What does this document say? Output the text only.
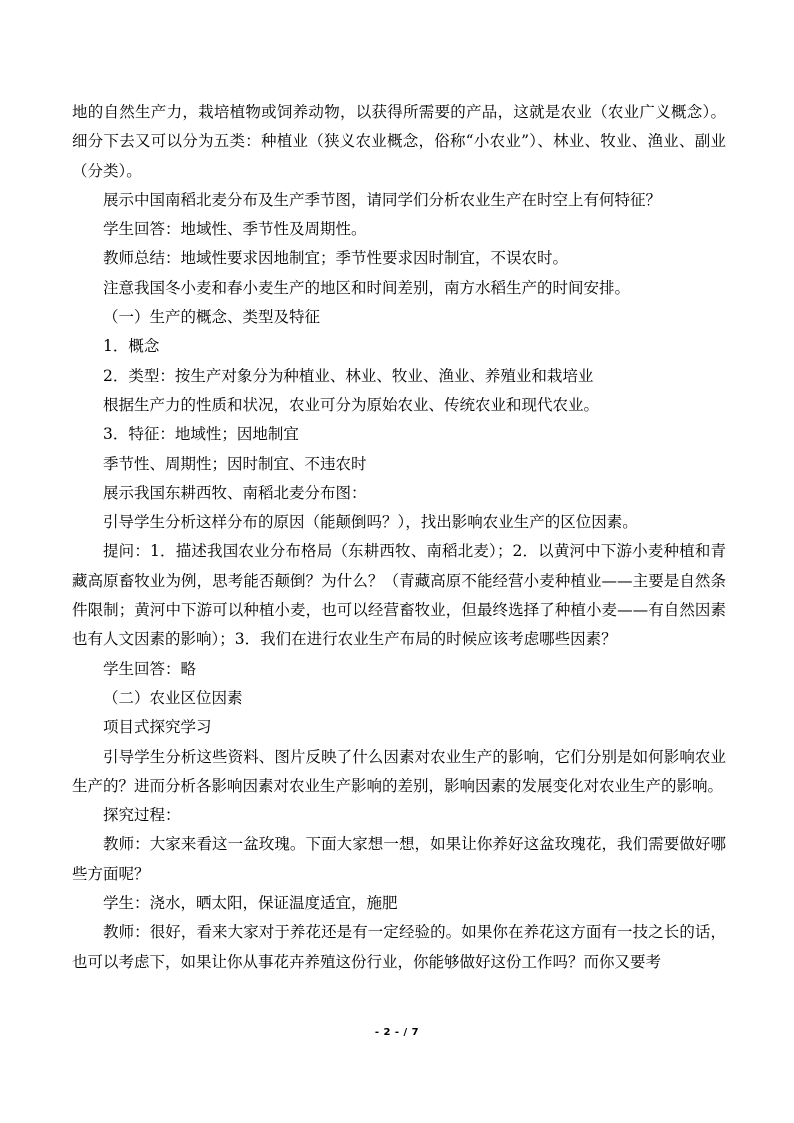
地的自然生产力，栽培植物或饲养动物，以获得所需要的产品，这就是农业（农业广义概念）。细分下去又可以分为五类：种植业（狭义农业概念，俗称“小农业”）、林业、牧业、渔业、副业（分类）。

展示中国南稻北麦分布及生产季节图，请同学们分析农业生产在时空上有何特征？

学生回答：地域性、季节性及周期性。

教师总结：地域性要求因地制宜；季节性要求因时制宜，不误农时。

注意我国冬小麦和春小麦生产的地区和时间差别，南方水稻生产的时间安排。

（一）生产的概念、类型及特征

1．概念

2．类型：按生产对象分为种植业、林业、牧业、渔业、养殖业和栽培业

根据生产力的性质和状况，农业可分为原始农业、传统农业和现代农业。

3．特征：地域性；因地制宜

季节性、周期性；因时制宜、不违农时

展示我国东耕西牧、南稻北麦分布图：

引导学生分析这样分布的原因（能颠倒吗？），找出影响农业生产的区位因素。

提问：1．描述我国农业分布格局（东耕西牧、南稻北麦）；2．以黄河中下游小麦种植和青藏高原畜牧业为例，思考能否颠倒？为什么？（青藏高原不能经营小麦种植业——主要是自然条件限制；黄河中下游可以种植小麦，也可以经营畜牧业，但最终选择了种植小麦——有自然因素也有人文因素的影响）；3．我们在进行农业生产布局的时候应该考虑哪些因素？

学生回答：略

（二）农业区位因素

项目式探究学习

引导学生分析这些资料、图片反映了什么因素对农业生产的影响，它们分别是如何影响农业生产的？进而分析各影响因素对农业生产影响的差别，影响因素的发展变化对农业生产的影响。

探究过程：

教师：大家来看这一盆玫瑰。下面大家想一想，如果让你养好这盆玫瑰花，我们需要做好哪些方面呢？

学生：浇水，晒太阳，保证温度适宜，施肥

教师：很好，看来大家对于养花还是有一定经验的。如果你在养花这方面有一技之长的话，也可以考虑下，如果让你从事花卉养殖这份行业，你能够做好这份工作吗？而你又要考

- 2 - / 7
